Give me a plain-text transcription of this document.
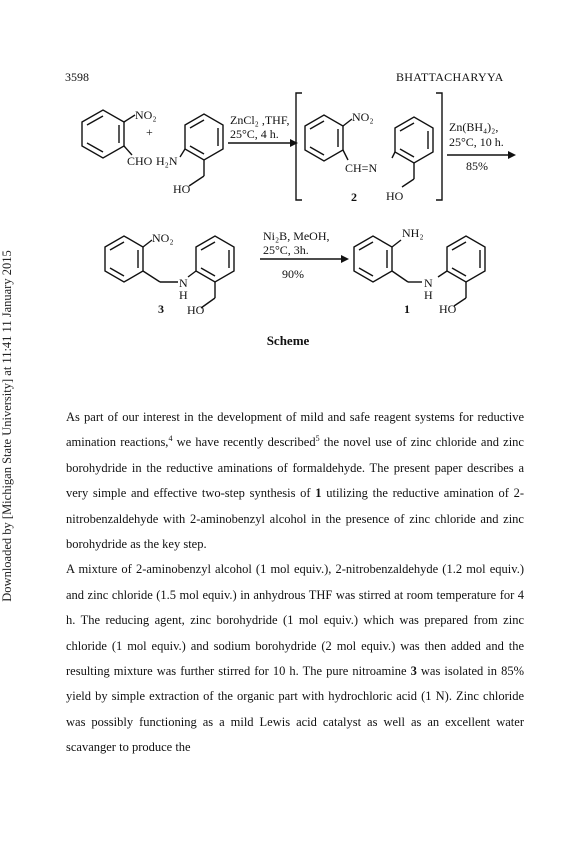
3598	BHATTACHARYYA
Downloaded by [Michigan State University] at 11:41 11 January 2015
NO₂
CHO
+
H₂N
HO
ZnCl₂ ,THF,
25°C, 4 h.
NO₂
CH=N
HO
2
Zn(BH₄)₂,
25°C, 10 h.
85%
NO₂
N
H
HO
3
Ni₂B, MeOH,
25°C, 3h.
90%
NH₂
N
H
HO
1
Scheme

As part of our interest in the development of mild and safe reagent systems for reductive amination reactions,$^4$ we have recently described$^5$ the novel use of zinc chloride and zinc borohydride in the reductive aminations of formaldehyde. The present paper describes a very simple and effective two-step synthesis of 1 utilizing the reductive amination of 2-nitrobenzaldehyde with 2-aminobenzyl alcohol in the presence of zinc chloride and zinc borohydride as the key step.

A mixture of 2-aminobenzyl alcohol (1 mol equiv.), 2-nitrobenzaldehyde (1.2 mol equiv.) and zinc chloride (1.5 mol equiv.) in anhydrous THF was stirred at room temperature for 4 h. The reducing agent, zinc borohydride (1 mol equiv.) which was prepared from zinc chloride (1 mol equiv.) and sodium borohydride (2 mol equiv.) was then added and the resulting mixture was further stirred for 10 h. The pure nitroamine 3 was isolated in 85% yield by simple extraction of the organic part with hydrochloric acid (1 N). Zinc chloride was possibly functioning as a mild Lewis acid catalyst as well as an excellent water scavanger to produce the
